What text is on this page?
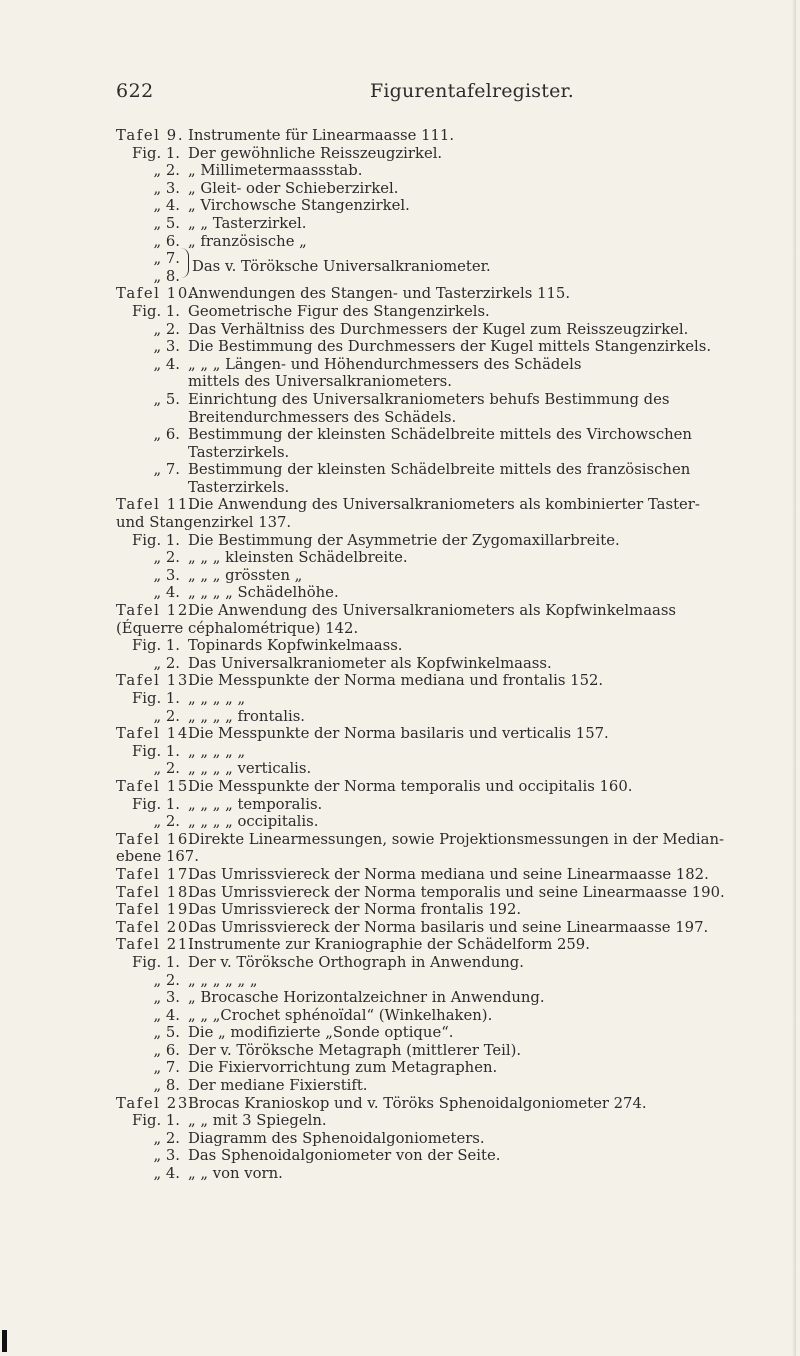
622	Figurentafelregister.
Tafel 9. Instrumente für Linearmaasse 111.
Fig. 1. Der gewöhnliche Reisszeugzirkel.
„ 2. „ Millimetermaassstab.
„ 3. „ Gleit- oder Schieberzirkel.
„ 4. „ Virchowsche Stangenzirkel.
„ 5. „ „ Tasterzirkel.
„ 6. „ französische „
„ 7. Das v. Töröksche Universalkraniometer.
„ 8.
Tafel 10.
Anwendungen des Stangen- und Tasterzirkels 115.
Fig. 1. Geometrische Figur des Stangenzirkels.
„ 2. Das Verhältniss des Durchmessers der Kugel zum Reisszeugzirkel.
„ 3. Die Bestimmung des Durchmessers der Kugel mittels Stangenzirkels.
„ 4. „ „ „ Längen- und Höhendurchmessers des Schädels
mittels des Universalkraniometers.
„ 5. Einrichtung des Universalkraniometers behufs Bestimmung des
Breitendurchmessers des Schädels.
„ 6. Bestimmung der kleinsten Schädelbreite mittels des Virchowschen
Tasterzirkels.
„ 7. Bestimmung der kleinsten Schädelbreite mittels des französischen
Tasterzirkels.
Tafel 11.
Die Anwendung des Universalkraniometers als kombinierter Taster-
und Stangenzirkel 137.
Fig. 1. Die Bestimmung der Asymmetrie der Zygomaxillarbreite.
„ 2. „ „ „ kleinsten Schädelbreite.
„ 3. „ „ „ grössten „
„ 4. „ „ „ „ Schädelhöhe.
Tafel 12.
Die Anwendung des Universalkraniometers als Kopfwinkelmaass
(Équerre céphalométrique) 142.
Fig. 1. Topinards Kopfwinkelmaass.
„ 2. Das Universalkraniometer als Kopfwinkelmaass.
Tafel 13.
Die Messpunkte der Norma mediana und frontalis 152.
Fig. 1. „ „ „ „ „
„ 2. „ „ „ „ frontalis.
Tafel 14.
Die Messpunkte der Norma basilaris und verticalis 157.
Fig. 1. „ „ „ „ „
„ 2. „ „ „ „ verticalis.
Tafel 15.
Die Messpunkte der Norma temporalis und occipitalis 160.
Fig. 1. „ „ „ „ temporalis.
„ 2. „ „ „ „ occipitalis.
Tafel 16.
Direkte Linearmessungen, sowie Projektionsmessungen in der Median-
ebene 167.
Tafel 17.
Das Umrissviereck der Norma mediana und seine Linearmaasse 182.
Tafel 18.
Das Umrissviereck der Norma temporalis und seine Linearmaasse 190.
Tafel 19.
Das Umrissviereck der Norma frontalis 192.
Tafel 20.
Das Umrissviereck der Norma basilaris und seine Linearmaasse 197.
Tafel 21.
Instrumente zur Kraniographie der Schädelform 259.
Fig. 1. Der v. Töröksche Orthograph in Anwendung.
„ 2. „ „ „ „ „ „
„ 3. „ Brocasche Horizontalzeichner in Anwendung.
„ 4. „ „ „Crochet sphénoïdal“ (Winkelhaken).
„ 5. Die „ modifizierte „Sonde optique“.
„ 6. Der v. Töröksche Metagraph (mittlerer Teil).
„ 7. Die Fixiervorrichtung zum Metagraphen.
„ 8. Der mediane Fixierstift.
Tafel 23.
Brocas Kranioskop und v. Töröks Sphenoidalgoniometer 274.
Fig. 1. „ „ mit 3 Spiegeln.
„ 2. Diagramm des Sphenoidalgoniometers.
„ 3. Das Sphenoidalgoniometer von der Seite.
„ 4. „ „ von vorn.
